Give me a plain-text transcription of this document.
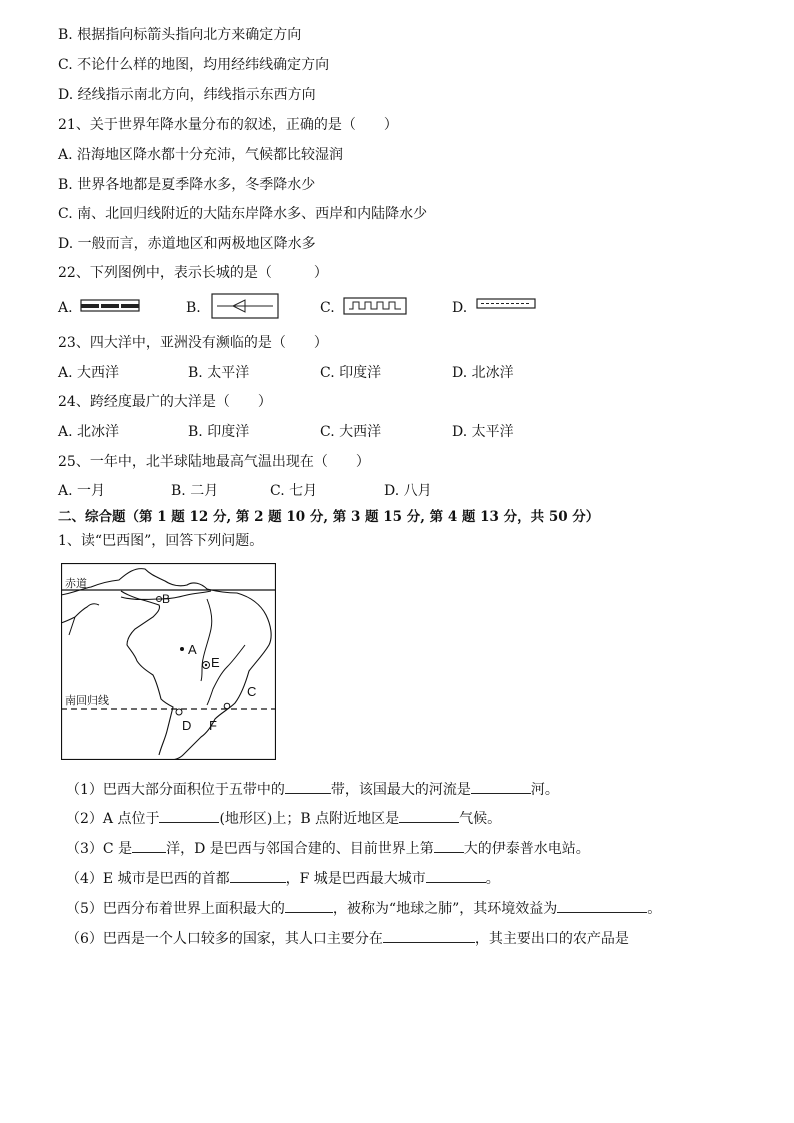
B. 根据指向标箭头指向北方来确定方向
C. 不论什么样的地图，均用经纬线确定方向
D. 经线指示南北方向，纬线指示东西方向
21、关于世界年降水量分布的叙述，正确的是（　　）
A. 沿海地区降水都十分充沛，气候都比较湿润
B. 世界各地都是夏季降水多，冬季降水少
C. 南、北回归线附近的大陆东岸降水多、西岸和内陆降水少
D. 一般而言，赤道地区和两极地区降水多
22、下列图例中，表示长城的是（　　　）
A.	B.	C.	D.
23、四大洋中，亚洲没有濒临的是（　　）
A. 大西洋	B. 太平洋	C. 印度洋	D. 北冰洋
24、跨经度最广的大洋是（　　）
A. 北冰洋	B. 印度洋	C. 大西洋	D. 太平洋
25、一年中，北半球陆地最高气温出现在（　　）
A. 一月	B. 二月	C. 七月	D. 八月
二、综合题（第 1 题 12 分, 第 2 题 10 分, 第 3 题 15 分, 第 4 题 13 分，共 50 分）
1、读“巴西图”，回答下列问题。
赤道
南回归线
A
B
C
D
E
F
（1）巴西大部分面积位于五带中的	带，该国最大的河流是	河。
（2）A 点位于	(地形区)上；B 点附近地区是	气候。
（3）C 是 洋，D 是巴西与邻国合建的、目前世界上第 大的伊泰普水电站。
（4）E 城市是巴西的首都	，F 城是巴西最大城市	。
（5）巴西分布着世界上面积最大的	，被称为“地球之肺”，其环境效益为	。
（6）巴西是一个人口较多的国家，其人口主要分在	，其主要出口的农产品是
